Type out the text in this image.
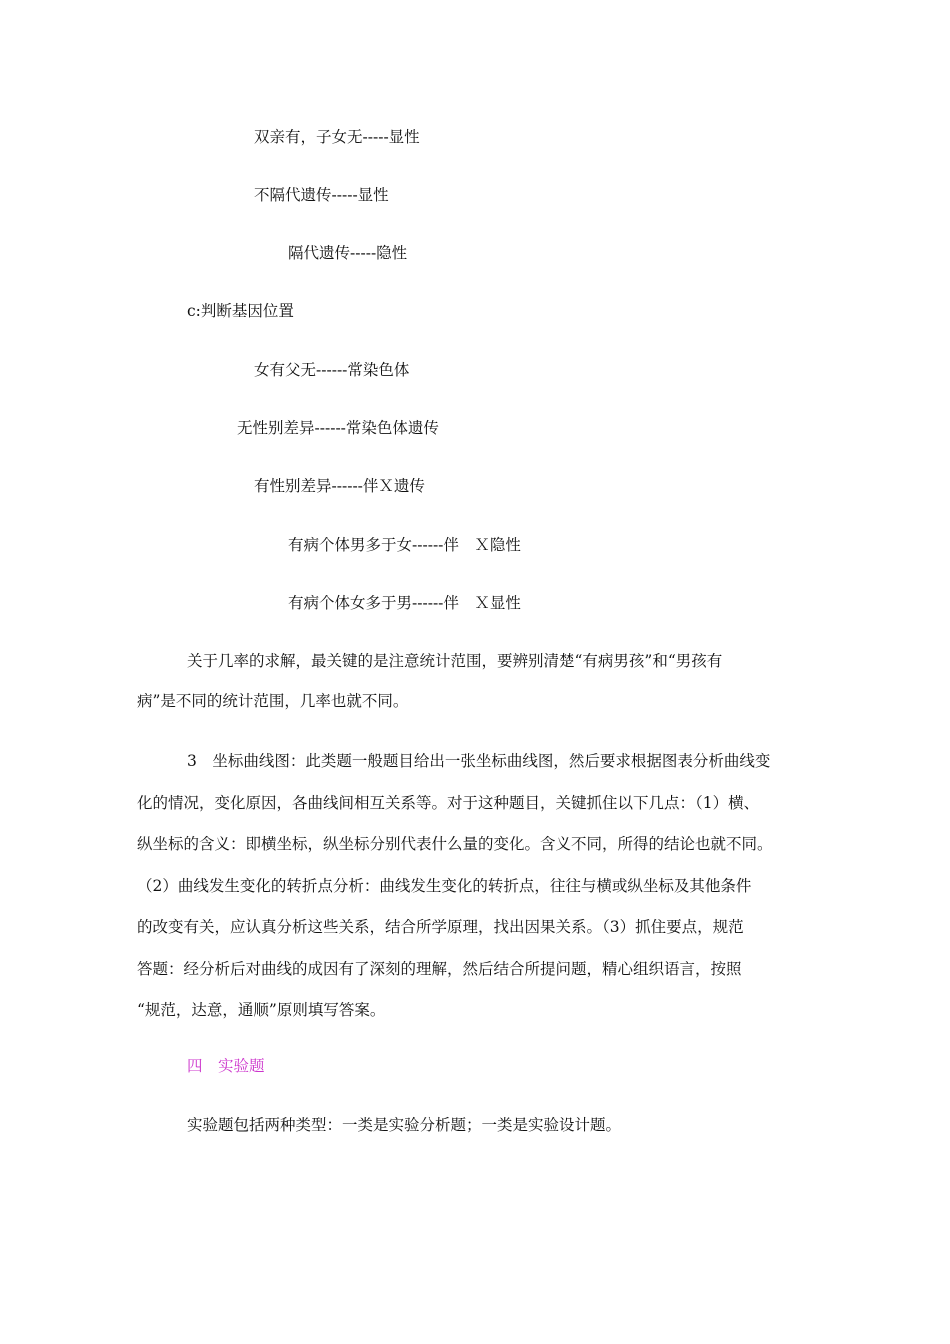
双亲有，子女无-----显性
不隔代遗传-----显性
隔代遗传-----隐性
c:判断基因位置
女有父无------常染色体
无性别差异------常染色体遗传
有性别差异------伴Ｘ遗传
有病个体男多于女------伴　Ｘ隐性
有病个体女多于男------伴　Ｘ显性
关于几率的求解，最关键的是注意统计范围，要辨别清楚“有病男孩”和“男孩有
病”是不同的统计范围，几率也就不同。
3　坐标曲线图：此类题一般题目给出一张坐标曲线图，然后要求根据图表分析曲线变
化的情况，变化原因，各曲线间相互关系等。对于这种题目，关键抓住以下几点：（1）横、
纵坐标的含义：即横坐标，纵坐标分别代表什么量的变化。含义不同，所得的结论也就不同。
（2）曲线发生变化的转折点分析：曲线发生变化的转折点，往往与横或纵坐标及其他条件
的改变有关，应认真分析这些关系，结合所学原理，找出因果关系。（3）抓住要点，规范
答题：经分析后对曲线的成因有了深刻的理解，然后结合所提问题，精心组织语言，按照
“规范，达意，通顺”原则填写答案。
四　实验题
实验题包括两种类型：一类是实验分析题；一类是实验设计题。
